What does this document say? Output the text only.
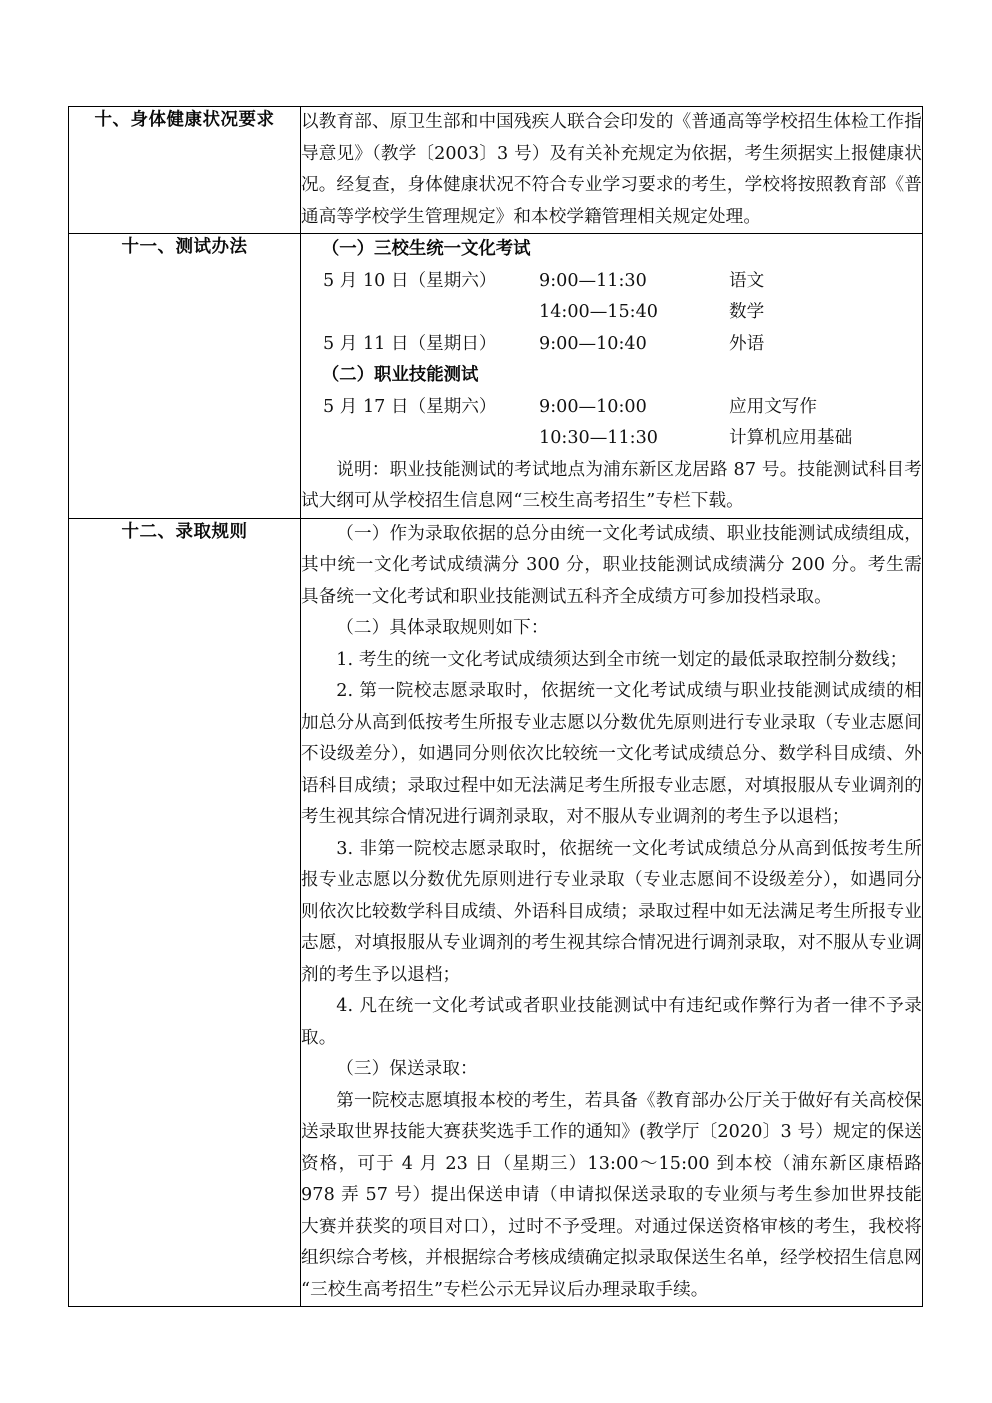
十、身体健康状况要求	以教育部、原卫生部和中国残疾人联合会印发的《普通高等学校招生体检工作指导意见》（教学〔2003〕3 号）及有关补充规定为依据，考生须据实上报健康状况。经复查，身体健康状况不符合专业学习要求的考生，学校将按照教育部《普通高等学校学生管理规定》和本校学籍管理相关规定处理。

十一、测试办法	（一）三校生统一文化考试

5 月 10 日（星期六）	9:00—11:30	语文
	14:00—15:40	数学
5 月 11 日（星期日）	9:00—10:40	外语

（二）职业技能测试

5 月 17 日（星期六）	9:00—10:00	应用文写作
	10:30—11:30	计算机应用基础

说明：职业技能测试的考试地点为浦东新区龙居路 87 号。技能测试科目考试大纲可从学校招生信息网“三校生高考招生”专栏下载。

十二、录取规则	（一）作为录取依据的总分由统一文化考试成绩、职业技能测试成绩组成，其中统一文化考试成绩满分 300 分，职业技能测试成绩满分 200 分。考生需具备统一文化考试和职业技能测试五科齐全成绩方可参加投档录取。

（二）具体录取规则如下：

1. 考生的统一文化考试成绩须达到全市统一划定的最低录取控制分数线；

2. 第一院校志愿录取时，依据统一文化考试成绩与职业技能测试成绩的相加总分从高到低按考生所报专业志愿以分数优先原则进行专业录取（专业志愿间不设级差分），如遇同分则依次比较统一文化考试成绩总分、数学科目成绩、外语科目成绩；录取过程中如无法满足考生所报专业志愿，对填报服从专业调剂的考生视其综合情况进行调剂录取，对不服从专业调剂的考生予以退档；

3. 非第一院校志愿录取时，依据统一文化考试成绩总分从高到低按考生所报专业志愿以分数优先原则进行专业录取（专业志愿间不设级差分），如遇同分则依次比较数学科目成绩、外语科目成绩；录取过程中如无法满足考生所报专业志愿，对填报服从专业调剂的考生视其综合情况进行调剂录取，对不服从专业调剂的考生予以退档；

4. 凡在统一文化考试或者职业技能测试中有违纪或作弊行为者一律不予录取。

（三）保送录取：

第一院校志愿填报本校的考生，若具备《教育部办公厅关于做好有关高校保送录取世界技能大赛获奖选手工作的通知》(教学厅〔2020〕3 号）规定的保送资格，可于 4 月 23 日（星期三）13:00～15:00 到本校（浦东新区康梧路 978 弄 57 号）提出保送申请（申请拟保送录取的专业须与考生参加世界技能大赛并获奖的项目对口），过时不予受理。对通过保送资格审核的考生，我校将组织综合考核，并根据综合考核成绩确定拟录取保送生名单，经学校招生信息网“三校生高考招生”专栏公示无异议后办理录取手续。
